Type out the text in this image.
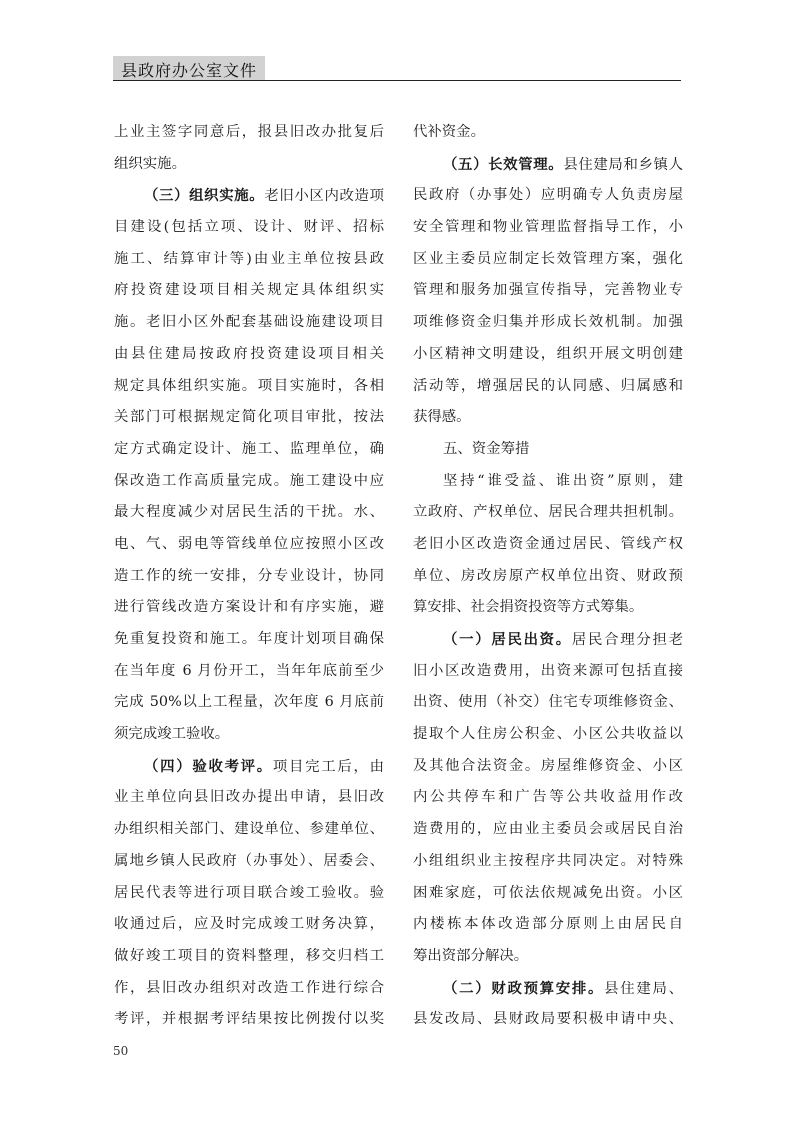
县政府办公室文件
上业主签字同意后，报县旧改办批复后
组织实施。
（三）组织实施。老旧小区内改造项
目建设(包括立项、设计、财评、招标
施工、结算审计等)由业主单位按县政
府投资建设项目相关规定具体组织实
施。老旧小区外配套基础设施建设项目
由县住建局按政府投资建设项目相关
规定具体组织实施。项目实施时，各相
关部门可根据规定简化项目审批，按法
定方式确定设计、施工、监理单位，确
保改造工作高质量完成。施工建设中应
最大程度减少对居民生活的干扰。水、
电、气、弱电等管线单位应按照小区改
造工作的统一安排，分专业设计，协同
进行管线改造方案设计和有序实施，避
免重复投资和施工。年度计划项目确保
在当年度 6 月份开工，当年年底前至少
完成 50%以上工程量，次年度 6 月底前
须完成竣工验收。
（四）验收考评。项目完工后，由
业主单位向县旧改办提出申请，县旧改
办组织相关部门、建设单位、参建单位、
属地乡镇人民政府（办事处）、居委会、
居民代表等进行项目联合竣工验收。验
收通过后，应及时完成竣工财务决算，
做好竣工项目的资料整理，移交归档工
作，县旧改办组织对改造工作进行综合
考评，并根据考评结果按比例拨付以奖
代补资金。
（五）长效管理。县住建局和乡镇人
民政府（办事处）应明确专人负责房屋
安全管理和物业管理监督指导工作，小
区业主委员应制定长效管理方案，强化
管理和服务加强宣传指导，完善物业专
项维修资金归集并形成长效机制。加强
小区精神文明建设，组织开展文明创建
活动等，增强居民的认同感、归属感和
获得感。
五、资金筹措
坚持“谁受益、谁出资”原则，建
立政府、产权单位、居民合理共担机制。
老旧小区改造资金通过居民、管线产权
单位、房改房原产权单位出资、财政预
算安排、社会捐资投资等方式筹集。
（一）居民出资。居民合理分担老
旧小区改造费用，出资来源可包括直接
出资、使用（补交）住宅专项维修资金、
提取个人住房公积金、小区公共收益以
及其他合法资金。房屋维修资金、小区
内公共停车和广告等公共收益用作改
造费用的，应由业主委员会或居民自治
小组组织业主按程序共同决定。对特殊
困难家庭，可依法依规减免出资。小区
内楼栋本体改造部分原则上由居民自
筹出资部分解决。
（二）财政预算安排。县住建局、
县发改局、县财政局要积极申请中央、
50
